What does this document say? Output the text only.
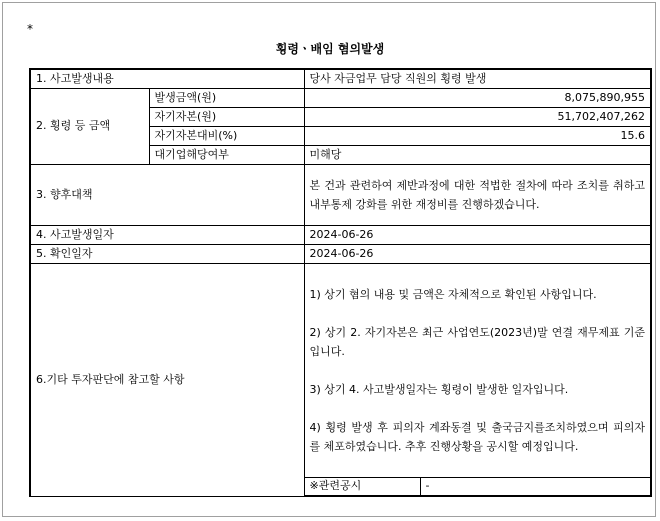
*
횡령ㆍ배임 혐의발생
1. 사고발생내용		당사 자금업무 담당 직원의 횡령 발생	
2. 횡령 등 금액	발생금액(원)	8,075,890,955	
	자기자본(원)	51,702,407,262	
	자기자본대비(%)	15.6	
	대기업해당여부	미해당	
3. 향후대책		본 건과 관련하여 제반과정에 대한 적법한 절차에 따라 조치를 취하고 내부통제 강화를 위한 재정비를 진행하겠습니다.	
4. 사고발생일자		2024-06-26	
5. 확인일자		2024-06-26	
6.기타 투자판단에 참고할 사항		1) 상기 혐의 내용 및 금액은 자체적으로 확인된 사항입니다.

2) 상기 2. 자기자본은 최근 사업연도(2023년)말 연결 재무제표 기준입니다.

3) 상기 4. 사고발생일자는 횡령이 발생한 일자입니다.

4) 횡령 발생 후 피의자 계좌동결 및 출국금지를조치하였으며 피의자를 체포하였습니다. 추후 진행상황을 공시할 예정입니다.	

		※관련공시	-
